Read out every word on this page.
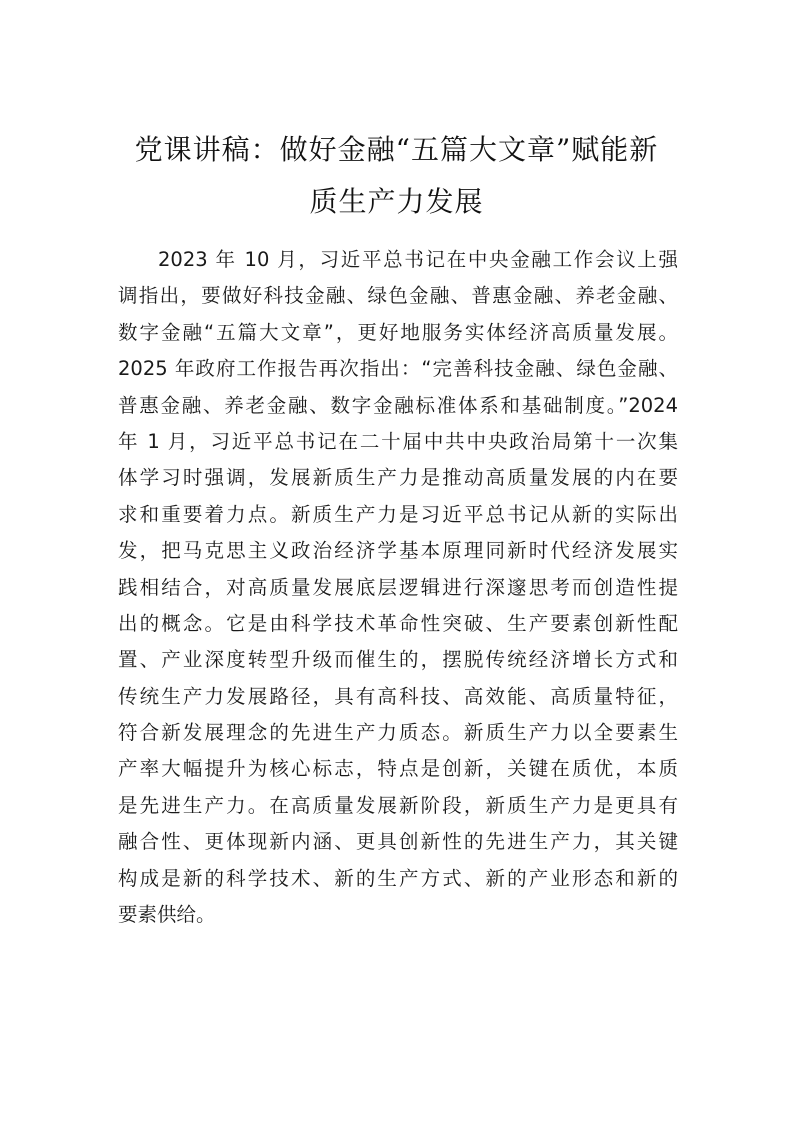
党课讲稿：做好金融“五篇大文章”赋能新
质生产力发展
2023 年 10 月，习近平总书记在中央金融工作会议上强
调指出，要做好科技金融、绿色金融、普惠金融、养老金融、
数字金融“五篇大文章”，更好地服务实体经济高质量发展。
2025 年政府工作报告再次指出：“完善科技金融、绿色金融、
普惠金融、养老金融、数字金融标准体系和基础制度。”2024
年 1 月，习近平总书记在二十届中共中央政治局第十一次集
体学习时强调，发展新质生产力是推动高质量发展的内在要
求和重要着力点。新质生产力是习近平总书记从新的实际出
发，把马克思主义政治经济学基本原理同新时代经济发展实
践相结合，对高质量发展底层逻辑进行深邃思考而创造性提
出的概念。它是由科学技术革命性突破、生产要素创新性配
置、产业深度转型升级而催生的，摆脱传统经济增长方式和
传统生产力发展路径，具有高科技、高效能、高质量特征，
符合新发展理念的先进生产力质态。新质生产力以全要素生
产率大幅提升为核心标志，特点是创新，关键在质优，本质
是先进生产力。在高质量发展新阶段，新质生产力是更具有
融合性、更体现新内涵、更具创新性的先进生产力，其关键
构成是新的科学技术、新的生产方式、新的产业形态和新的
要素供给。
